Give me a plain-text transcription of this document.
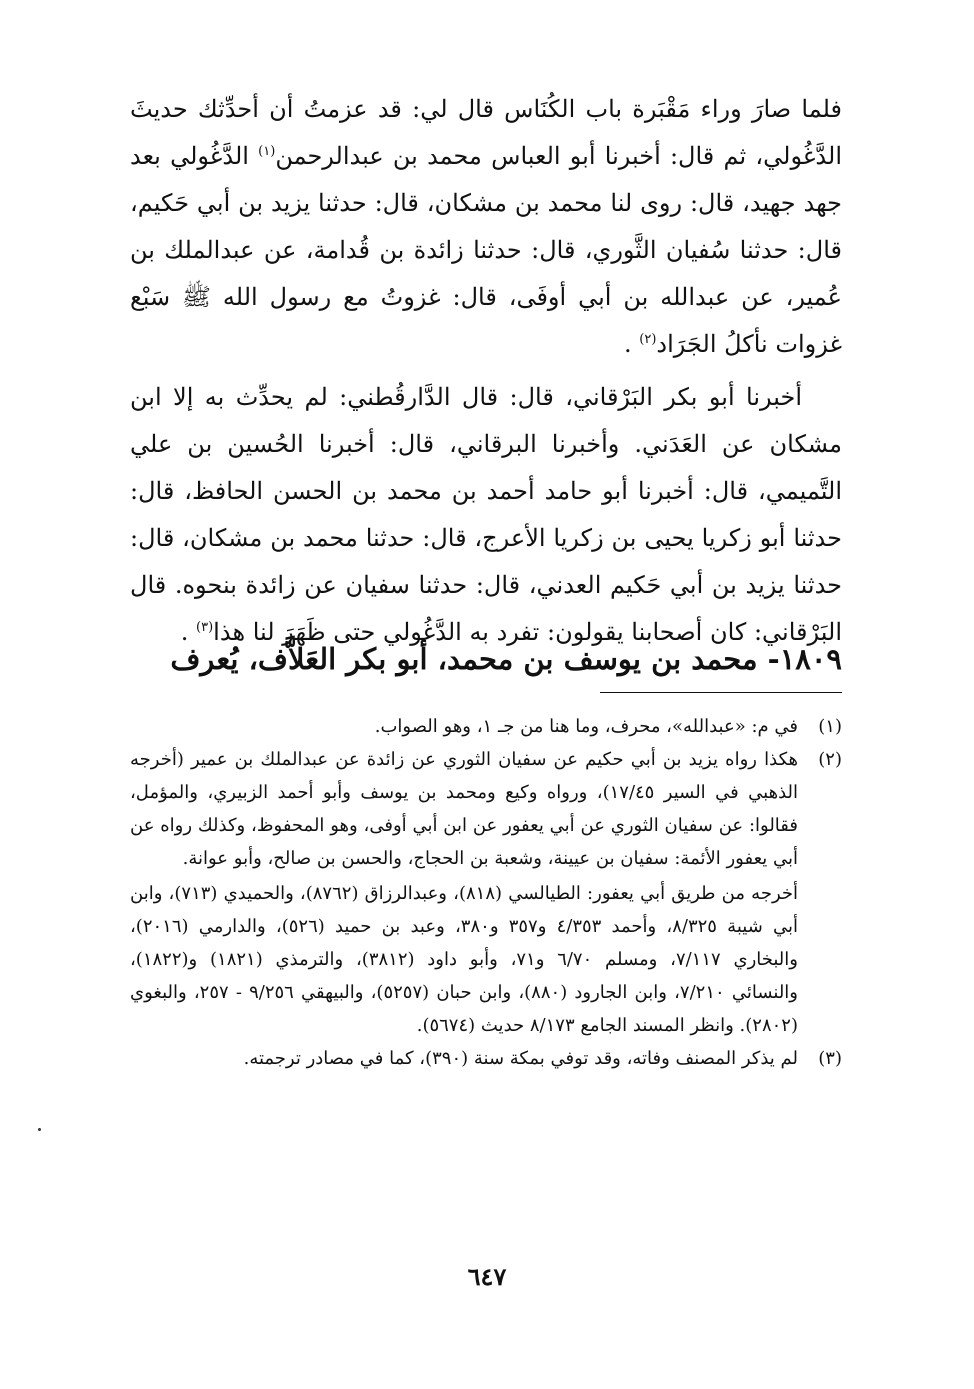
فلما صارَ وراء مَقْبَرة باب الكُنَاس قال لي: قد عزمتُ أن أحدِّثك حديثَ الدَّغُولي، ثم قال: أخبرنا أبو العباس محمد بن عبدالرحمن$^{(١)}$ الدَّغُولي بعد جهد جهيد، قال: روى لنا محمد بن مشكان، قال: حدثنا يزيد بن أبي حَكيم، قال: حدثنا سُفيان الثَّوري، قال: حدثنا زائدة بن قُدامة، عن عبدالملك بن عُمير، عن عبدالله بن أبي أوفَى، قال: غزوتُ مع رسول الله ﷺ سَبْع غزوات نأكلُ الجَرَاد$^{(٢)}$ .

أخبرنا أبو بكر البَرْقاني، قال: قال الدَّارقُطني: لم يحدِّث به إلا ابن مشكان عن العَدَني. وأخبرنا البرقاني، قال: أخبرنا الحُسين بن علي التَّميمي، قال: أخبرنا أبو حامد أحمد بن محمد بن الحسن الحافظ، قال: حدثنا أبو زكريا يحيى بن زكريا الأعرج، قال: حدثنا محمد بن مشكان، قال: حدثنا يزيد بن أبي حَكيم العدني، قال: حدثنا سفيان عن زائدة بنحوه. قال البَرْقاني: كان أصحابنا يقولون: تفرد به الدَّغُولي حتى ظَهَرَ لنا هذا$^{(٣)}$ .

١٨٠٩- محمد بن يوسف بن محمد، أبو بكر العَلاَّف، يُعرف
(١)

في م: «عبدالله»، محرف، وما هنا من جـ ١، وهو الصواب.

(٢)

هكذا رواه يزيد بن أبي حكيم عن سفيان الثوري عن زائدة عن عبدالملك بن عمير (أخرجه الذهبي في السير ١٧/٤٥)، ورواه وكيع ومحمد بن يوسف وأبو أحمد الزبيري، والمؤمل، فقالوا: عن سفيان الثوري عن أبي يعفور عن ابن أبي أوفى، وهو المحفوظ، وكذلك رواه عن أبي يعفور الأئمة: سفيان بن عيينة، وشعبة بن الحجاج، والحسن بن صالح، وأبو عوانة.

أخرجه من طريق أبي يعفور: الطيالسي (٨١٨)، وعبدالرزاق (٨٧٦٢)، والحميدي (٧١٣)، وابن أبي شيبة ٨/٣٢٥، وأحمد ٤/٣٥٣ و٣٥٧ و٣٨٠، وعبد بن حميد (٥٢٦)، والدارمي (٢٠١٦)، والبخاري ٧/١١٧، ومسلم ٦/٧٠ و٧١، وأبو داود (٣٨١٢)، والترمذي (١٨٢١) و(١٨٢٢)، والنسائي ٧/٢١٠، وابن الجارود (٨٨٠)، وابن حبان (٥٢٥٧)، والبيهقي ٩/٢٥٦ - ٢٥٧، والبغوي (٢٨٠٢). وانظر المسند الجامع ٨/١٧٣ حديث (٥٦٧٤).

(٣)

لم يذكر المصنف وفاته، وقد توفي بمكة سنة (٣٩٠)، كما في مصادر ترجمته.

٦٤٧
